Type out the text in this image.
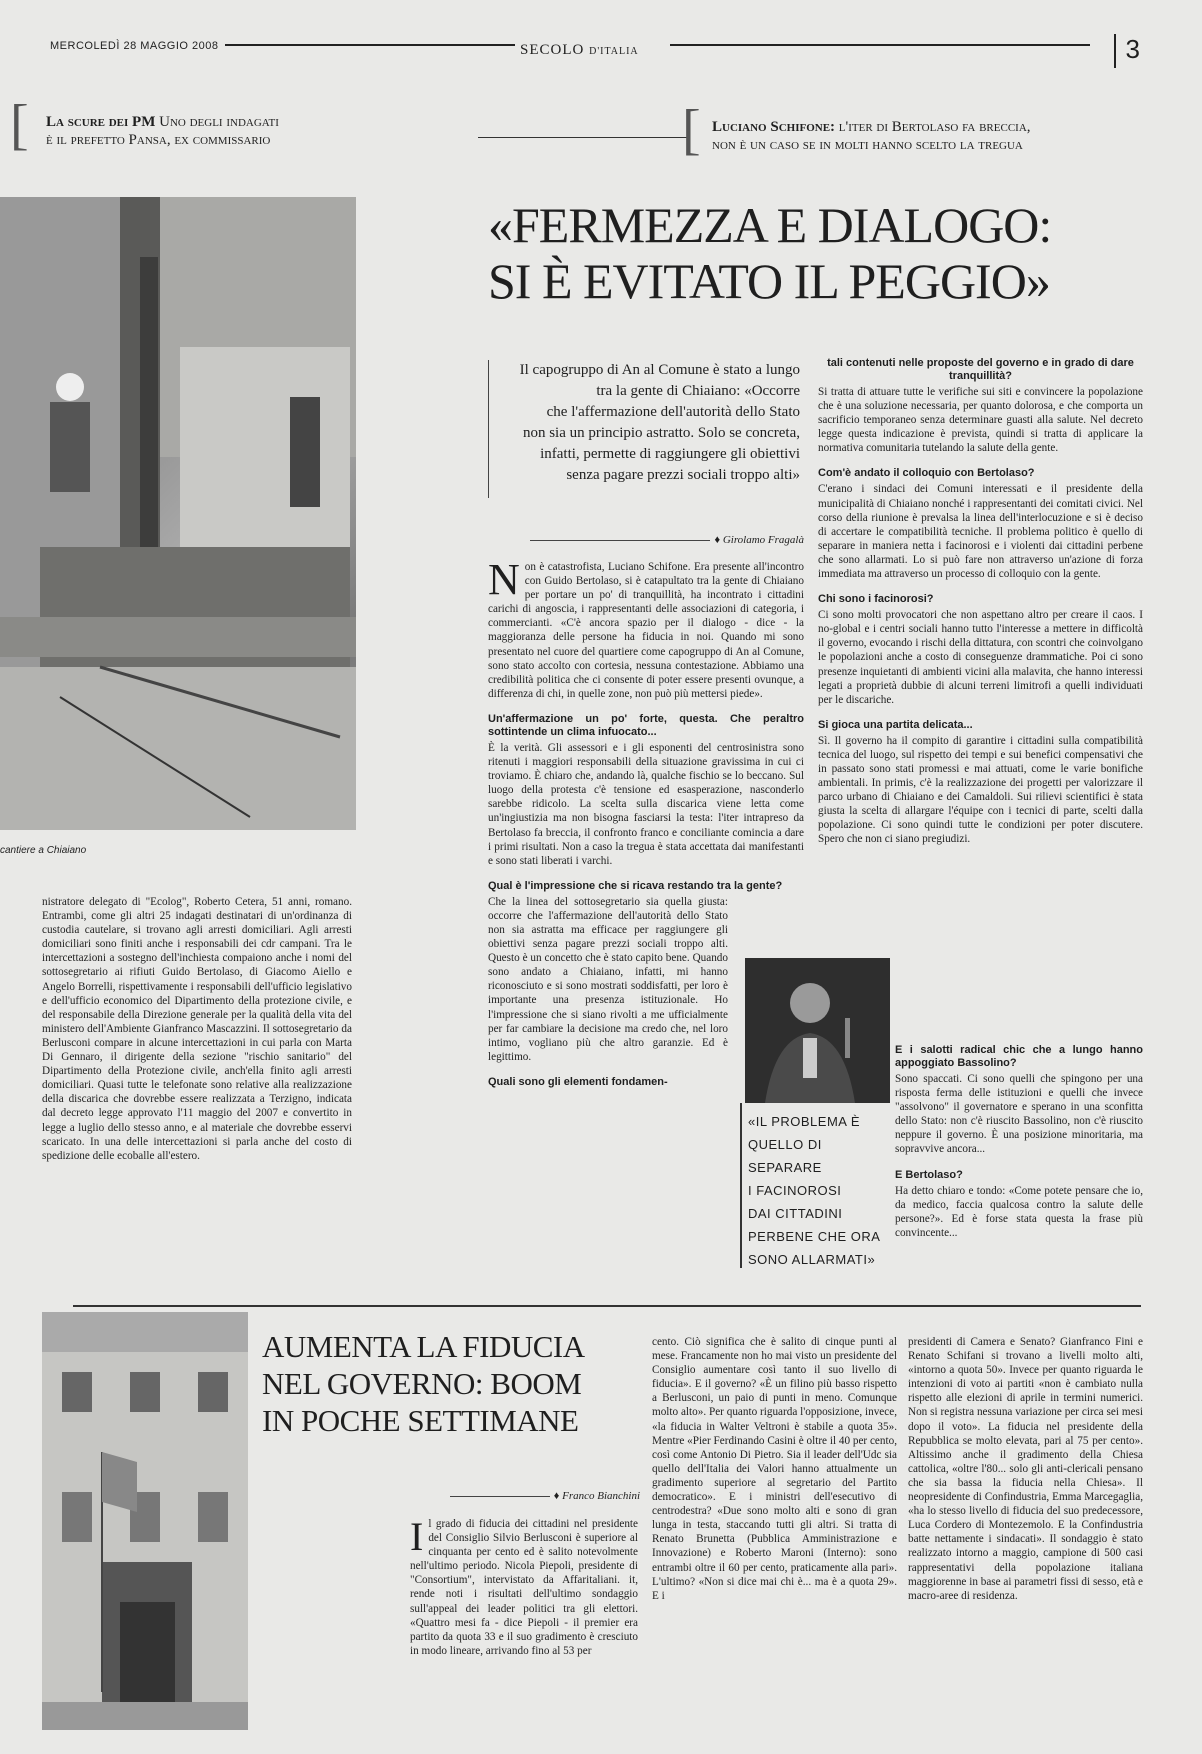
MERCOLEDÌ 28 MAGGIO 2008	SECOLO D'ITALIA	3
[ La scure dei PM Uno degli indagati
è il prefetto Pansa, ex commissario	[ Luciano Schifone: l'iter di Bertolaso fa breccia,
non è un caso se in molti hanno scelto la tregua
«FERMEZZA E DIALOGO:
SI È EVITATO IL PEGGIO»
cantiere a Chiaiano
nistratore delegato di "Ecolog", Roberto Cetera, 51 anni, romano. Entrambi, come gli altri 25 indagati destinatari di un'ordinanza di custodia cautelare, si trovano agli arresti domiciliari. Agli arresti domiciliari sono finiti anche i responsabili dei cdr campani. Tra le intercettazioni a sostegno dell'inchiesta compaiono anche i nomi del sottosegretario ai rifiuti Guido Bertolaso, di Giacomo Aiello e Angelo Borrelli, rispettivamente i responsabili dell'ufficio legislativo e dell'ufficio economico del Dipartimento della protezione civile, e del responsabile della Direzione generale per la qualità della vita del ministero dell'Ambiente Gianfranco Mascazzini. Il sottosegretario da Berlusconi compare in alcune intercettazioni in cui parla con Marta Di Gennaro, il dirigente della sezione "rischio sanitario" del Dipartimento della Protezione civile, anch'ella finito agli arresti domiciliari. Quasi tutte le telefonate sono relative alla realizzazione della discarica che dovrebbe essere realizzata a Terzigno, indicata dal decreto legge approvato l'11 maggio del 2007 e convertito in legge a luglio dello stesso anno, e al materiale che dovrebbe esservi scaricato. In una delle intercettazioni si parla anche del costo di spedizione delle ecoballe all'estero.
Il capogruppo di An al Comune è stato a lungo
tra la gente di Chiaiano: «Occorre
che l'affermazione dell'autorità dello Stato
non sia un principio astratto. Solo se concreta,
infatti, permette di raggiungere gli obiettivi
senza pagare prezzi sociali troppo alti»
♦ Girolamo Fragalà

Non è catastrofista, Luciano Schifone. Era presente all'incontro con Guido Bertolaso, si è catapultato tra la gente di Chiaiano per portare un po' di tranquillità, ha incontrato i cittadini carichi di angoscia, i rappresentanti delle associazioni di categoria, i commercianti. «C'è ancora spazio per il dialogo - dice - la maggioranza delle persone ha fiducia in noi. Quando mi sono presentato nel cuore del quartiere come capogruppo di An al Comune, sono stato accolto con cortesia, nessuna contestazione. Abbiamo una credibilità politica che ci consente di poter essere presenti ovunque, a differenza di chi, in quelle zone, non può più mettersi piede».

Un'affermazione un po' forte, questa. Che peraltro sottintende un clima infuocato...

È la verità. Gli assessori e i gli esponenti del centrosinistra sono ritenuti i maggiori responsabili della situazione gravissima in cui ci troviamo. È chiaro che, andando là, qualche fischio se lo beccano. Sul luogo della protesta c'è tensione ed esasperazione, nasconderlo sarebbe ridicolo. La scelta sulla discarica viene letta come un'ingiustizia ma non bisogna fasciarsi la testa: l'iter intrapreso da Bertolaso fa breccia, il confronto franco e conciliante comincia a dare i primi risultati. Non a caso la tregua è stata accettata dai manifestanti e sono stati liberati i varchi.

Qual è l'impressione che si ricava restando tra la gente?

Che la linea del sottosegretario sia quella giusta: occorre che l'affermazione dell'autorità dello Stato non sia astratta ma efficace per raggiungere gli obiettivi senza pagare prezzi sociali troppo alti. Questo è un concetto che è stato capito bene. Quando sono andato a Chiaiano, infatti, mi hanno riconosciuto e si sono mostrati soddisfatti, per loro è importante una presenza istituzionale. Ho l'impressione che si siano rivolti a me ufficialmente per far cambiare la decisione ma credo che, nel loro intimo, vogliano più che altro garanzie. Ed è legittimo.

Quali sono gli elementi fondamen-
tali contenuti nelle proposte del governo e in grado di dare tranquillità?

Si tratta di attuare tutte le verifiche sui siti e convincere la popolazione che è una soluzione necessaria, per quanto dolorosa, e che comporta un sacrificio temporaneo senza determinare guasti alla salute. Nel decreto legge questa indicazione è prevista, quindi si tratta di applicare la normativa comunitaria tutelando la salute della gente.

Com'è andato il colloquio con Bertolaso?

C'erano i sindaci dei Comuni interessati e il presidente della municipalità di Chiaiano nonché i rappresentanti dei comitati civici. Nel corso della riunione è prevalsa la linea dell'interlocuzione e si è deciso di accertare le compatibilità tecniche. Il problema politico è quello di separare in maniera netta i facinorosi e i violenti dai cittadini perbene che sono allarmati. Lo si può fare non attraverso un'azione di forza immediata ma attraverso un processo di colloquio con la gente.

Chi sono i facinorosi?

Ci sono molti provocatori che non aspettano altro per creare il caos. I no-global e i centri sociali hanno tutto l'interesse a mettere in difficoltà il governo, evocando i rischi della dittatura, con scontri che coinvolgano le popolazioni anche a costo di conseguenze drammatiche. Poi ci sono presenze inquietanti di ambienti vicini alla malavita, che hanno interessi legati a proprietà dubbie di alcuni terreni limitrofi a quelli individuati per le discariche.

Si gioca una partita delicata...

Sì. Il governo ha il compito di garantire i cittadini sulla compatibilità tecnica del luogo, sul rispetto dei tempi e sui benefici compensativi che in passato sono stati promessi e mai attuati, come le varie bonifiche ambientali. In primis, c'è la realizzazione dei progetti per valorizzare il parco urbano di Chiaiano e dei Camaldoli. Sui rilievi scientifici è stata giusta la scelta di allargare l'équipe con i tecnici di parte, scelti dalla popolazione. Ci sono quindi tutte le condizioni per poter discutere. Spero che non ci siano pregiudizi.

E i salotti radical chic che a lungo hanno appoggiato Bassolino?

Sono spaccati. Ci sono quelli che spingono per una risposta ferma delle istituzioni e quelli che invece "assolvono" il governatore e sperano in una sconfitta dello Stato: non c'è riuscito Bassolino, non c'è riuscito neppure il governo. È una posizione minoritaria, ma sopravvive ancora...

E Bertolaso?

Ha detto chiaro e tondo: «Come potete pensare che io, da medico, faccia qualcosa contro la salute delle persone?». Ed è forse stata questa la frase più convincente...

«IL PROBLEMA È
QUELLO DI SEPARARE
I FACINOROSI
DAI CITTADINI
PERBENE CHE ORA
SONO ALLARMATI»
AUMENTA LA FIDUCIA
NEL GOVERNO: BOOM
IN POCHE SETTIMANE
♦ Franco Bianchini

Il grado di fiducia dei cittadini nel presidente del Consiglio Silvio Berlusconi è superiore al cinquanta per cento ed è salito notevolmente nell'ultimo periodo. Nicola Piepoli, presidente di "Consortium", intervistato da Affaritaliani. it, rende noti i risultati dell'ultimo sondaggio sull'appeal dei leader politici tra gli elettori. «Quattro mesi fa - dice Piepoli - il premier era partito da quota 33 e il suo gradimento è cresciuto in modo lineare, arrivando fino al 53 per

cento. Ciò significa che è salito di cinque punti al mese. Francamente non ho mai visto un presidente del Consiglio aumentare così tanto il suo livello di fiducia». E il governo? «È un filino più basso rispetto a Berlusconi, un paio di punti in meno. Comunque molto alto». Per quanto riguarda l'opposizione, invece, «la fiducia in Walter Veltroni è stabile a quota 35». Mentre «Pier Ferdinando Casini è oltre il 40 per cento, così come Antonio Di Pietro. Sia il leader dell'Udc sia quello dell'Italia dei Valori hanno attualmente un gradimento superiore al segretario del Partito democratico». E i ministri dell'esecutivo di centrodestra? «Due sono molto alti e sono di gran lunga in testa, staccando tutti gli altri. Si tratta di Renato Brunetta (Pubblica Amministrazione e Innovazione) e Roberto Maroni (Interno): sono entrambi oltre il 60 per cento, praticamente alla pari». L'ultimo? «Non si dice mai chi è... ma è a quota 29». E i
presidenti di Camera e Senato? Gianfranco Fini e Renato Schifani si trovano a livelli molto alti, «intorno a quota 50». Invece per quanto riguarda le intenzioni di voto ai partiti «non è cambiato nulla rispetto alle elezioni di aprile in termini numerici. Non si registra nessuna variazione per circa sei mesi dopo il voto». La fiducia nel presidente della Repubblica se molto elevata, pari al 75 per cento». Altissimo anche il gradimento della Chiesa cattolica, «oltre l'80... solo gli anti-clericali pensano che sia bassa la fiducia nella Chiesa». Il neopresidente di Confindustria, Emma Marcegaglia, «ha lo stesso livello di fiducia del suo predecessore, Luca Cordero di Montezemolo. E la Confindustria batte nettamente i sindacati». Il sondaggio è stato realizzato intorno a maggio, campione di 500 casi rappresentativi della popolazione italiana maggiorenne in base ai parametri fissi di sesso, età e macro-aree di residenza.
